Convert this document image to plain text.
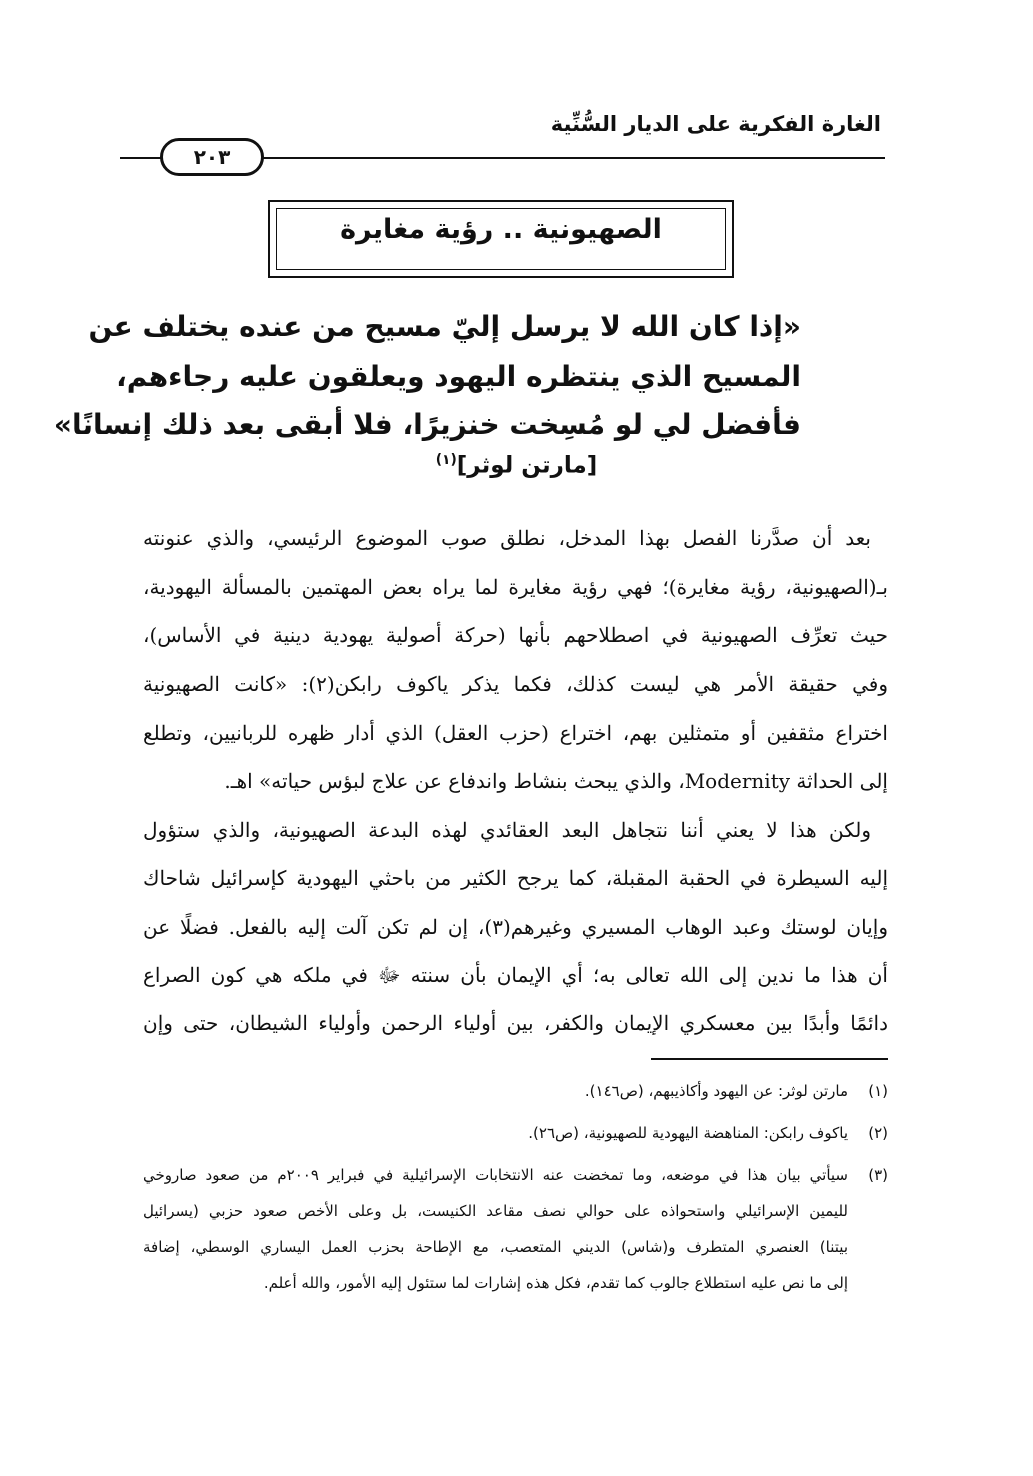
الغارة الفكرية على الديار السُّنِّية
٢٠٣
الصهيونية .. رؤية مغايرة
«إذا كان الله لا يرسل إليّ مسيح من عنده يختلف عن
المسيح الذي ينتظره اليهود ويعلقون عليه رجاءهم،
فأفضل لي لو مُسِخت خنزيرًا، فلا أبقى بعد ذلك إنسانًا»
[مارتن لوثر]$^{(١)}$
بعد أن صدَّرنا الفصل بهذا المدخل، نطلق صوب الموضوع الرئيسي، والذي عنونته
بـ(الصهيونية، رؤية مغايرة)؛ فهي رؤية مغايرة لما يراه بعض المهتمين بالمسألة اليهودية،
حيث تعرِّف الصهيونية في اصطلاحهم بأنها (حركة أصولية يهودية دينية في الأساس)،
وفي حقيقة الأمر هي ليست كذلك، فكما يذكر ياكوف رابكن(٢): «كانت الصهيونية
اختراع مثقفين أو متمثلين بهم، اختراع (حزب العقل) الذي أدار ظهره للربانيين، وتطلع
إلى الحداثة Modernity، والذي يبحث بنشاط واندفاع عن علاج لبؤس حياته» اهـ.
ولكن هذا لا يعني أننا نتجاهل البعد العقائدي لهذه البدعة الصهيونية، والذي ستؤول
إليه السيطرة في الحقبة المقبلة، كما يرجح الكثير من باحثي اليهودية كإسرائيل شاحاك
وإيان لوستك وعبد الوهاب المسيري وغيرهم(٣)، إن لم تكن آلت إليه بالفعل. فضلًا عن
أن هذا ما ندين إلى الله تعالى به؛ أي الإيمان بأن سنته ﷻ في ملكه هي كون الصراع
دائمًا وأبدًا بين معسكري الإيمان والكفر، بين أولياء الرحمن وأولياء الشيطان، حتى وإن
(١)مارتن لوثر: عن اليهود وأكاذيبهم، (ص١٤٦).
(٢)ياكوف رابكن: المناهضة اليهودية للصهيونية، (ص٢٦).
(٣)سيأتي بيان هذا في موضعه، وما تمخضت عنه الانتخابات الإسرائيلية في فبراير ٢٠٠٩م من صعود صاروخي
لليمين الإسرائيلي واستحواذه على حوالي نصف مقاعد الكنيست، بل وعلى الأخص صعود حزبي (يسرائيل
بيتنا) العنصري المتطرف و(شاس) الديني المتعصب، مع الإطاحة بحزب العمل اليساري الوسطي، إضافة
إلى ما نص عليه استطلاع جالوب كما تقدم، فكل هذه إشارات لما ستئول إليه الأمور، والله أعلم.
